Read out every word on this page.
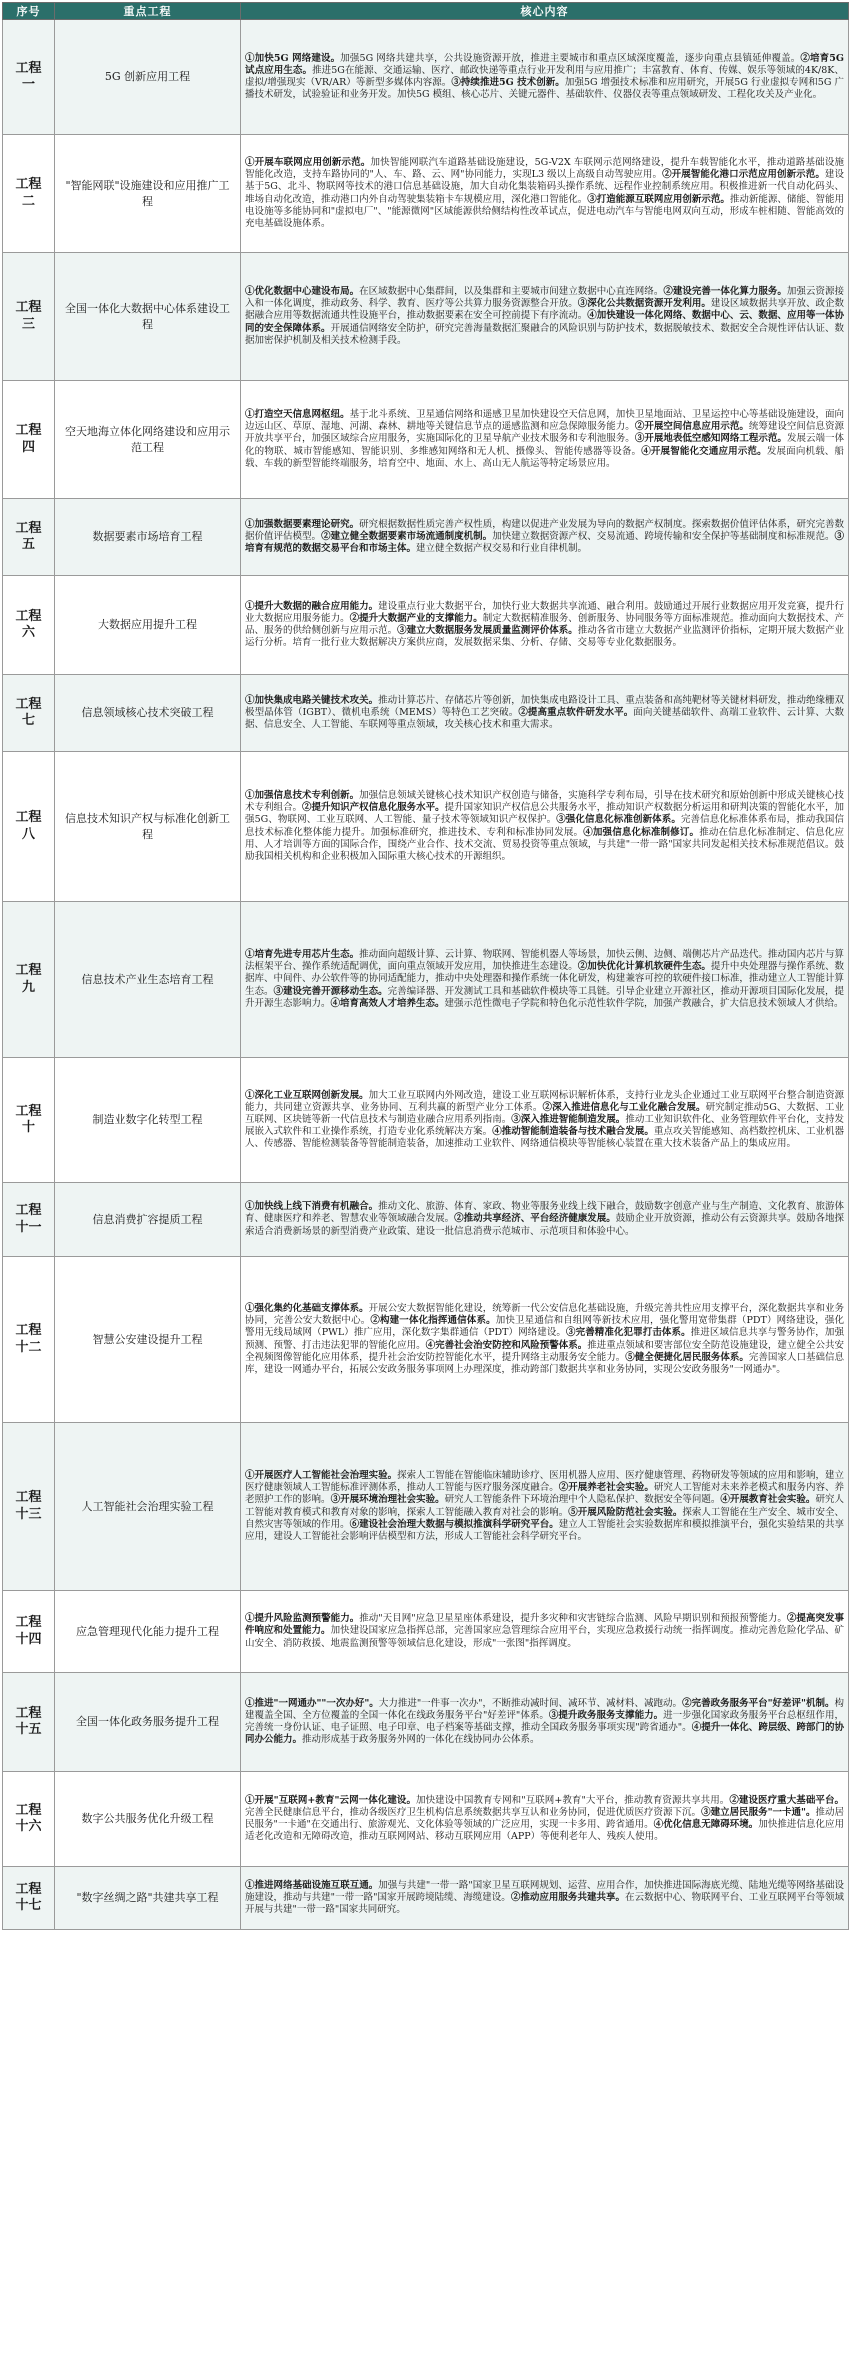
序号	重点工程	核心内容
工程一	5G 创新应用工程	①加快5G 网络建设。加强5G 网络共建共享，公共设施资源开放，推进主要城市和重点区域深度覆盖，逐步向重点县镇延伸覆盖。②培育5G 试点应用生态。推进5G在能源、交通运输、医疗、邮政快递等重点行业开发利用与应用推广；丰富教育、体育、传媒、娱乐等领域的4K/8K、虚拟/增强现实（VR/AR）等新型多媒体内容源。③持续推进5G 技术创新。加强5G 增强技术标准和应用研究，开展5G 行业虚拟专网和5G 广播技术研发，试验验证和业务开发。加快5G 模组、核心芯片、关键元器件、基础软件、仪器仪表等重点领域研发、工程化攻关及产业化。
工程二	"智能网联"设施建设和应用推广工程	①开展车联网应用创新示范。加快智能网联汽车道路基础设施建设，5G-V2X 车联网示范网络建设，提升车载智能化水平，推动道路基础设施智能化改造，支持车路协同的"人、车、路、云、网"协同能力，实现L3 级以上高级自动驾驶应用。②开展智能化港口示范应用创新示范。建设基于5G、北斗、物联网等技术的港口信息基础设施，加大自动化集装箱码头操作系统、远程作业控制系统应用。积极推进新一代自动化码头、堆场自动化改造，推动港口内外自动驾驶集装箱卡车规模应用，深化港口智能化。③打造能源互联网应用创新示范。推动新能源、储能、智能用电设施等多能协同和"虚拟电厂"、"能源微网"区域能源供给侧结构性改革试点，促进电动汽车与智能电网双向互动，形成车桩相随、智能高效的充电基础设施体系。
工程三	全国一体化大数据中心体系建设工程	①优化数据中心建设布局。在区域数据中心集群间，以及集群和主要城市间建立数据中心直连网络。②建设完善一体化算力服务。加强云资源接入和一体化调度，推动政务、科学、教育、医疗等公共算力服务资源整合开放。③深化公共数据资源开发利用。建设区域数据共享开放、政企数据融合应用等数据流通共性设施平台，推动数据要素在安全可控前提下有序流动。④加快建设一体化网络、数据中心、云、数据、应用等一体协同的安全保障体系。开展通信网络安全防护，研究完善海量数据汇聚融合的风险识别与防护技术，数据脱敏技术、数据安全合规性评估认证、数据加密保护机制及相关技术检测手段。
工程四	空天地海立体化网络建设和应用示范工程	①打造空天信息网枢纽。基于北斗系统、卫星通信网络和遥感卫星加快建设空天信息网，加快卫星地面站、卫星运控中心等基础设施建设，面向边远山区、草原、湿地、河湖、森林、耕地等关键信息节点的遥感监测和应急保障服务能力。②开展空间信息应用示范。统筹建设空间信息资源开放共享平台，加强区域综合应用服务，实施国际化的卫星导航产业技术服务和专利池服务。③开展地表低空感知网络工程示范。发展云端一体化的物联、城市智能感知、智能识别、多维感知网络和无人机、摄像头、智能传感器等设备。④开展智能化交通应用示范。发展面向机载、船载、车载的新型智能终端服务，培育空中、地面、水上、高山无人航运等特定场景应用。
工程五	数据要素市场培育工程	①加强数据要素理论研究。研究根据数据性质完善产权性质，构建以促进产业发展为导向的数据产权制度。探索数据价值评估体系，研究完善数据价值评估模型。②建立健全数据要素市场流通制度机制。加快建立数据资源产权、交易流通、跨境传输和安全保护等基础制度和标准规范。③培育有规范的数据交易平台和市场主体。建立健全数据产权交易和行业自律机制。
工程六	大数据应用提升工程	①提升大数据的融合应用能力。建设重点行业大数据平台，加快行业大数据共享流通、融合利用。鼓励通过开展行业数据应用开发竞赛，提升行业大数据应用服务能力。②提升大数据产业的支撑能力。制定大数据精准服务、创新服务、协同服务等方面标准规范。推动面向大数据技术、产品、服务的供给侧创新与应用示范。③建立大数据服务发展质量监测评价体系。推动各省市建立大数据产业监测评价指标，定期开展大数据产业运行分析。培育一批行业大数据解决方案供应商，发展数据采集、分析、存储、交易等专业化数据服务。
工程七	信息领域核心技术突破工程	①加快集成电路关键技术攻关。推动计算芯片、存储芯片等创新，加快集成电路设计工具、重点装备和高纯靶材等关键材料研发，推动绝缘栅双极型晶体管（IGBT）、微机电系统（MEMS）等特色工艺突破。②提高重点软件研发水平。面向关键基础软件、高端工业软件、云计算、大数据、信息安全、人工智能、车联网等重点领域，攻关核心技术和重大需求。
工程八	信息技术知识产权与标准化创新工程	①加强信息技术专利创新。加强信息领域关键核心技术知识产权创造与储备，实施科学专利布局，引导在技术研究和原始创新中形成关键核心技术专利组合。②提升知识产权信息化服务水平。提升国家知识产权信息公共服务水平，推动知识产权数据分析运用和研判决策的智能化水平，加强5G、物联网、工业互联网、人工智能、量子技术等领域知识产权保护。③强化信息化标准创新体系。完善信息化标准体系布局，推动我国信息技术标准化整体能力提升。加强标准研究，推进技术、专利和标准协同发展。④加强信息化标准制修订。推动在信息化标准制定、信息化应用、人才培训等方面的国际合作，围绕产业合作、技术交流、贸易投资等重点领域，与共建"一带一路"国家共同发起相关技术标准规范倡议。鼓励我国相关机构和企业积极加入国际重大核心技术的开源组织。
工程九	信息技术产业生态培育工程	①培育先进专用芯片生态。推动面向超级计算、云计算、物联网、智能机器人等场景，加快云侧、边侧、端侧芯片产品迭代。推动国内芯片与算法框架平台、操作系统适配调优，面向重点领域开发应用，加快推进生态建设。②加快优化计算机软硬件生态。提升中央处理器与操作系统、数据库、中间件、办公软件等的协同适配能力，推动中央处理器和操作系统一体化研发，构建兼容可控的软硬件接口标准，推动建立人工智能计算生态。③建设完善开源移动生态。完善编译器、开发测试工具和基础软件模块等工具链。引导企业建立开源社区，推动开源项目国际化发展，提升开源生态影响力。④培育高效人才培养生态。建强示范性微电子学院和特色化示范性软件学院，加强产教融合，扩大信息技术领域人才供给。
工程十	制造业数字化转型工程	①深化工业互联网创新发展。加大工业互联网内外网改造，建设工业互联网标识解析体系，支持行业龙头企业通过工业互联网平台整合制造资源能力，共同建立资源共享、业务协同、互利共赢的新型产业分工体系。②深入推进信息化与工业化融合发展。研究制定推动5G、大数据、工业互联网、区块链等新一代信息技术与制造业融合应用系列指南。③深入推进智能制造发展。推动工业知识软件化、业务管理软件平台化，支持发展嵌入式软件和工业操作系统，打造专业化系统解决方案。④推动智能制造装备与技术融合发展。重点攻关智能感知、高档数控机床、工业机器人、传感器、智能检测装备等智能制造装备，加速推动工业软件、网络通信模块等智能核心装置在重大技术装备产品上的集成应用。
工程十一	信息消费扩容提质工程	①加快线上线下消费有机融合。推动文化、旅游、体育、家政、物业等服务业线上线下融合，鼓励数字创意产业与生产制造、文化教育、旅游体育、健康医疗和养老、智慧农业等领域融合发展。②推动共享经济、平台经济健康发展。鼓励企业开放资源，推动公有云资源共享。鼓励各地探索适合消费新场景的新型消费产业政策、建设一批信息消费示范城市、示范项目和体验中心。
工程十二	智慧公安建设提升工程	①强化集约化基础支撑体系。开展公安大数据智能化建设，统筹新一代公安信息化基础设施，升级完善共性应用支撑平台，深化数据共享和业务协同，完善公安大数据中心。②构建一体化指挥通信体系。加快卫星通信和自组网等新技术应用，强化警用宽带集群（PDT）网络建设，强化警用无线局域网（PWL）推广应用，深化数字集群通信（PDT）网络建设。③完善精准化犯罪打击体系。推进区域信息共享与警务协作，加强预测、预警、打击违法犯罪的智能化应用。④完善社会治安防控和风险预警体系。推进重点领域和要害部位安全防范设施建设，建立健全公共安全视频图像智能化应用体系，提升社会治安防控智能化水平，提升网络主动服务安全能力。⑤健全便捷化居民服务体系。完善国家人口基础信息库，建设一网通办平台，拓展公安政务服务事项网上办理深度，推动跨部门数据共享和业务协同，实现公安政务服务"一网通办"。
工程十三	人工智能社会治理实验工程	①开展医疗人工智能社会治理实验。探索人工智能在智能临床辅助诊疗、医用机器人应用、医疗健康管理、药物研发等领域的应用和影响，建立医疗健康领域人工智能标准评测体系，推动人工智能与医疗服务深度融合。②开展养老社会实验。研究人工智能对未来养老模式和服务内容、养老照护工作的影响。③开展环境治理社会实验。研究人工智能条件下环境治理中个人隐私保护、数据安全等问题。④开展教育社会实验。研究人工智能对教育模式和教育对象的影响，探索人工智能融入教育对社会的影响。⑤开展风险防范社会实验。探索人工智能在生产安全、城市安全、自然灾害等领域的作用。⑥建设社会治理大数据与模拟推演科学研究平台。建立人工智能社会实验数据库和模拟推演平台，强化实验结果的共享应用，建设人工智能社会影响评估模型和方法，形成人工智能社会科学研究平台。
工程十四	应急管理现代化能力提升工程	①提升风险监测预警能力。推动"天目网"应急卫星星座体系建设，提升多灾种和灾害链综合监测、风险早期识别和预报预警能力。②提高突发事件响应和处置能力。加快建设国家应急指挥总部，完善国家应急管理综合应用平台，实现应急救援行动统一指挥调度。推动完善危险化学品、矿山安全、消防救援、地震监测预警等领域信息化建设，形成"一张图"指挥调度。
工程十五	全国一体化政务服务提升工程	①推进"一网通办""一次办好"。大力推进"一件事一次办"，不断推动减时间、减环节、减材料、减跑动。②完善政务服务平台"好差评"机制。构建覆盖全国、全方位覆盖的全国一体化在线政务服务平台"好差评"体系。③提升政务服务支撑能力。进一步强化国家政务服务平台总枢纽作用，完善统一身份认证、电子证照、电子印章、电子档案等基础支撑，推动全国政务服务事项实现"跨省通办"。④提升一体化、跨层级、跨部门的协同办公能力。推动形成基于政务服务外网的一体化在线协同办公体系。
工程十六	数字公共服务优化升级工程	①开展"互联网+教育"云网一体化建设。加快建设中国教育专网和"互联网+教育"大平台，推动教育资源共享共用。②建设医疗重大基础平台。完善全民健康信息平台，推动各级医疗卫生机构信息系统数据共享互认和业务协同，促进优质医疗资源下沉。③建立居民服务"一卡通"。推动居民服务"一卡通"在交通出行、旅游观光、文化体验等领域的广泛应用，实现一卡多用、跨省通用。④优化信息无障碍环境。加快推进信息化应用适老化改造和无障碍改造，推动互联网网站、移动互联网应用（APP）等便利老年人、残疾人使用。
工程十七	"数字丝绸之路"共建共享工程	①推进网络基础设施互联互通。加强与共建"一带一路"国家卫星互联网规划、运营、应用合作，加快推进国际海底光缆、陆地光缆等网络基础设施建设，推动与共建"一带一路"国家开展跨境陆缆、海缆建设。②推动应用服务共建共享。在云数据中心、物联网平台、工业互联网平台等领域开展与共建"一带一路"国家共同研究。
